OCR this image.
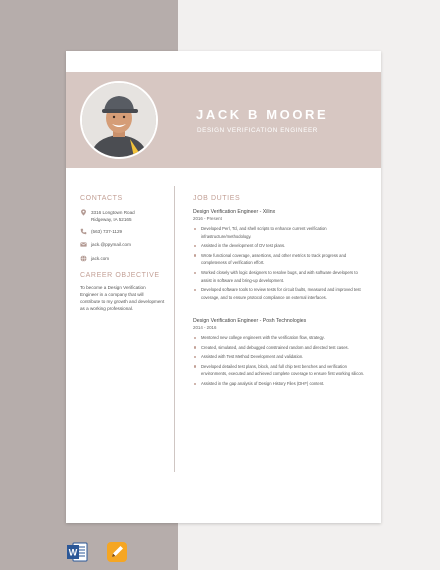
JACK B MOORE
DESIGN VERIFICATION ENGINEER
CONTACTS
3316 Longtown Road
Ridgeway, IA 52165
(563) 737-1129
jack.@ppymail.com
jack.com
CAREER OBJECTIVE
To become a Design Verification Engineer in a company that will contribute to my growth and development as a working professional.
JOB DUTIES
Design Verification Engineer - Xilinx
2016 - Present
Developed Perl, Tcl, and shell scripts to enhance current verification infrastructure/methodology.
Assisted in the development of DV test plans.
Wrote functional coverage, assertions, and other metrics to track progress and completeness of verification effort.
Worked closely with logic designers to resolve bugs, and with software developers to assist in software and bring-up development.
Developed software tools to review tests for circuit faults, measured and improved test coverage, and to ensure protocol compliance on external interfaces.
Design Verification Engineer - Posh Technologies
2014 - 2016
Mentored new college engineers with the verification flow, strategy.
Created, simulated, and debugged constrained random and directed test cases.
Assisted with Test Method Development and validation.
Developed detailed test plans, block, and full chip test benches and verification environments, executed and achieved complete coverage to ensure first working silicon.
Assisted in the gap analysis of Design History Files (DHF) content.
W
